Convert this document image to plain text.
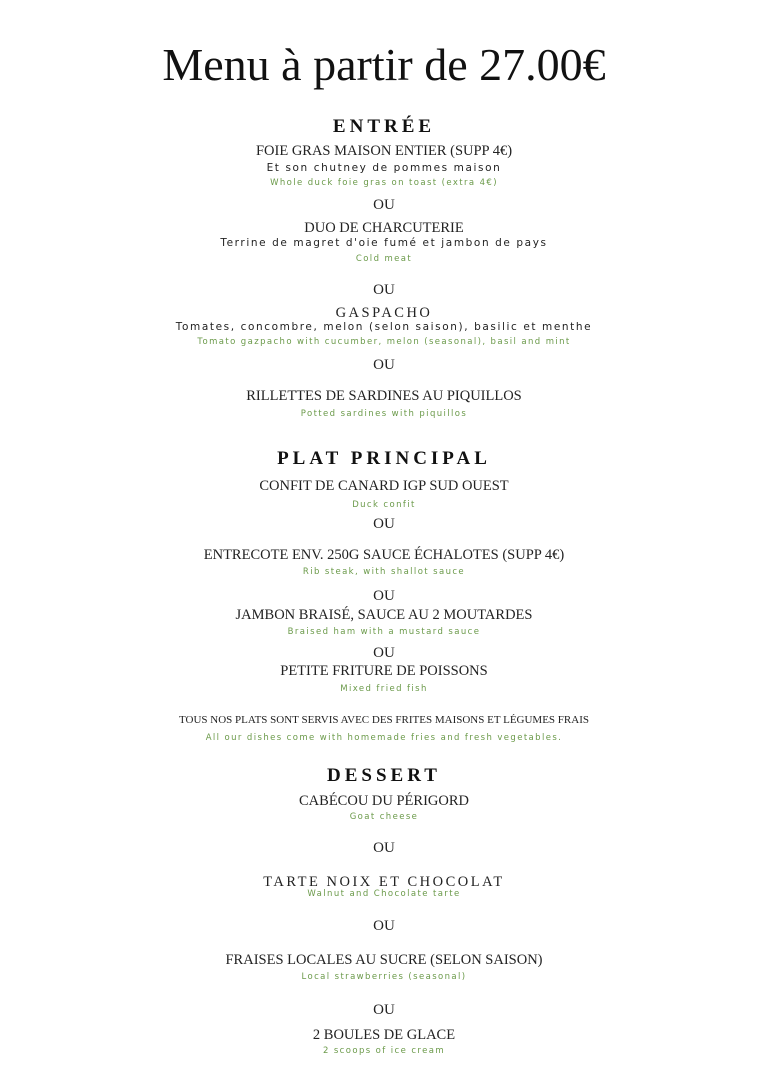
Menu à partir de 27.00€
ENTRÉE
FOIE GRAS MAISON ENTIER (SUPP 4€)
Et son chutney de pommes maison
Whole duck foie gras on toast (extra 4€)
OU
DUO DE CHARCUTERIE
Terrine de magret d'oie fumé et jambon de pays
Cold meat
OU
GASPACHO
Tomates, concombre, melon (selon saison), basilic et menthe
Tomato gazpacho with cucumber, melon (seasonal), basil and mint
OU
RILLETTES DE SARDINES AU PIQUILLOS
Potted sardines with piquillos
PLAT PRINCIPAL
CONFIT DE CANARD IGP SUD OUEST
Duck confit
OU
ENTRECOTE ENV. 250G SAUCE ÉCHALOTES (SUPP 4€)
Rib steak, with shallot sauce
OU
JAMBON BRAISÉ, SAUCE AU 2 MOUTARDES
Braised ham with a mustard sauce
OU
PETITE FRITURE DE POISSONS
Mixed fried fish
TOUS NOS PLATS SONT SERVIS AVEC DES FRITES MAISONS ET LÉGUMES FRAIS
All our dishes come with homemade fries and fresh vegetables.
DESSERT
CABÉCOU DU PÉRIGORD
Goat cheese
OU
TARTE NOIX ET CHOCOLAT
Walnut and Chocolate tarte
OU
FRAISES LOCALES AU SUCRE (SELON SAISON)
Local strawberries (seasonal)
OU
2 BOULES DE GLACE
2 scoops of ice cream
